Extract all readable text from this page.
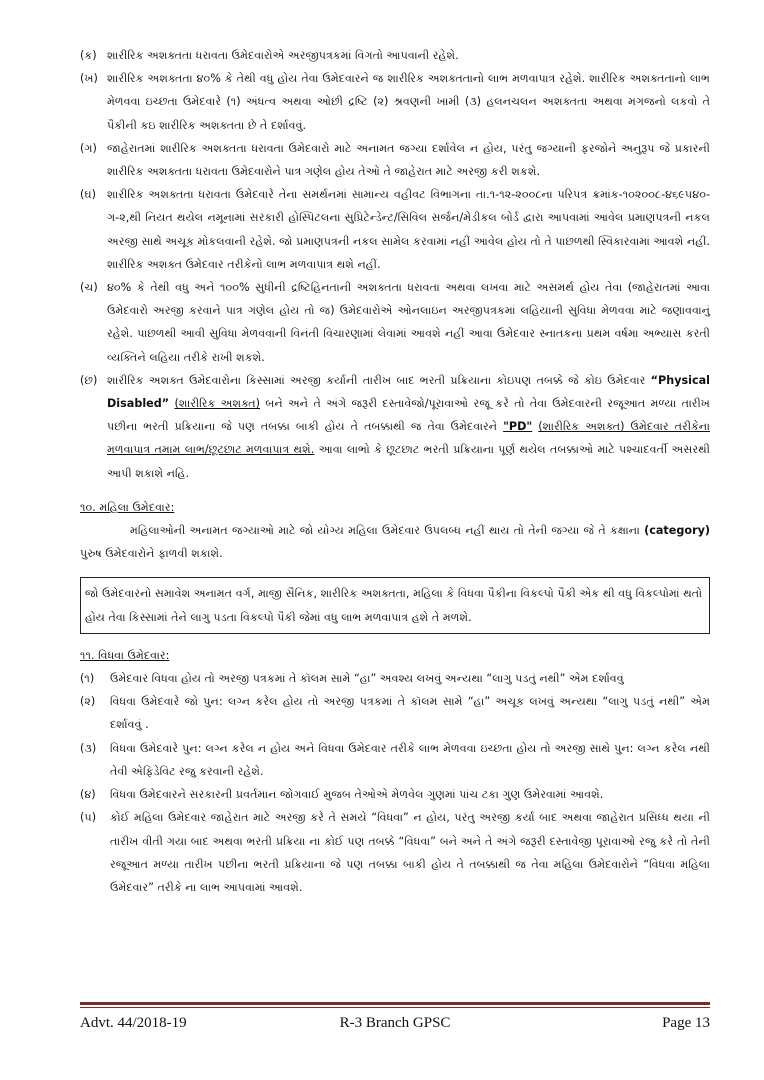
(ક) શારીરિક અશક્તતા ધરાવતા ઉમેદવારોએ અરજીપત્રકમાં વિગતો આપવાની રહેશે.
(ખ) શારીરિક અશક્તતા ૪૦% કે તેથી વધુ હોય તેવા ઉમેદવારને જ શારીરિક અશક્તતાનો લાભ મળવાપાત્ર રહેશે. શારીરિક અશક્તતાનો લાભ મેળવવા ઇચ્છતા ઉમેદવારે (૧) અંધત્વ અથવા ઓછી દ્રષ્ટિ (૨) શ્રવણની ખામી (૩) હલનચલન અશક્તતા અથવા મગજનો લકવો તે પૈકીની કઇ શારીરિક અશક્તતા છે તે દર્શાવવું.
(ગ) જાહેરાતમાં શારીરિક અશક્તતા ધરાવતા ઉમેદવારો માટે અનામત જગ્યા દર્શાવેલ ન હોય, પરંતુ જગ્યાની ફરજોને અનુરૂપ જે પ્રકારની શારીરિક અશક્તતા ધરાવતા ઉમેદવારોને પાત્ર ગણેલ હોય તેઓ તે જાહેરાત માટે અરજી કરી શકશે.
(ઘ) શારીરિક અશક્તતા ધરાવતા ઉમેદવારે તેના સમર્થનમાં સામાન્ય વહીવટ વિભાગના તા.૧-૧૨-૨૦૦૮ના પરિપત્ર ક્રમાંક-૧૦૨૦૦૮-૪૬૯૫૪૦-ગ-૨,થી નિયત થયેલ નમૂનામાં સરકારી હોસ્પિટલના સુપ્રિટેન્ડેન્ટ/સિવિલ સર્જન/મેડીકલ બોર્ડ દ્વારા આપવામાં આવેલ પ્રમાણપત્રની નકલ અરજી સાથે અચૂક મોકલવાની રહેશે. જો પ્રમાણપત્રની નકલ સામેલ કરવામાં નહીં આવેલ હોય તો તે પાછળથી સ્વિકારવામાં આવશે નહીં. શારીરિક અશક્ત ઉમેદવાર તરીકેનો લાભ મળવાપાત્ર થશે નહીં.
(ચ) ૪૦% કે તેથી વધુ અને ૧૦૦% સુધીની દ્રષ્ટિહિનતાની અશક્તતા ધરાવતા અથવા લખવા માટે અસમર્થ હોય તેવા (જાહેરાતમાં આવા ઉમેદવારો અરજી કરવાને પાત્ર ગણેલ હોય તો જ) ઉમેદવારોએ ઓનલાઇન અરજીપત્રકમાં લહિયાની સુવિધા મેળવવા માટે જણાવવાનું રહેશે. પાછળથી આવી સુવિધા મેળવવાની વિનંતી વિચારણામાં લેવામાં આવશે નહીં આવા ઉમેદવાર સ્નાતકના પ્રથમ વર્ષમા અભ્યાસ કરતી વ્યક્તિને લહિયા તરીકે રાખી શકશે.
(છ) શારીરિક અશક્ત ઉમેદવારોના કિસ્સામાં અરજી કર્યાની તારીખ બાદ ભરતી પ્રક્રિયાના કોઇપણ તબક્કે જે કોઇ ઉમેદવાર “Physical Disabled” (શારીરિક અશક્ત) બને અને તે અંગે જરૂરી દસ્તાવેજો/પૂરાવાઓ રજૂ કરે તો તેવા ઉમેદવારની રજૂઆત મળ્યા તારીખ પછીના ભરતી પ્રક્રિયાના જે પણ તબક્કા બાકી હોય તે તબક્કાથી જ તેવા ઉમેદવારને "PD" (શારીરિક અશક્ત) ઉમેદવાર તરીકેના મળવાપાત્ર તમામ લાભ/છૂટછાટ મળવાપાત્ર થશે. આવા લાભો કે છૂટછાટ ભરતી પ્રક્રિયાના પૂર્ણ થયેલ તબક્કાઓ માટે પશ્ચાદવર્તી અસરથી આપી શકાશે નહિ.
૧૦. મહિલા ઉમેદવાર:
મહિલાઓની અનામત જગ્યાઓ માટે જો યોગ્ય મહિલા ઉમેદવાર ઉપલબ્ધ નહીં થાય તો તેની જગ્યા જે તે કક્ષાના (category) પુરુષ ઉમેદવારોને ફાળવી શકાશે.
જો ઉમેદવારનો સમાવેશ અનામત વર્ગ, માજી સૈનિક, શારીરિક અશક્તતા, મહિલા કે વિધવા પૈકીના વિકલ્પો પૈકી એક થી વધુ વિકલ્પોમાં થતો હોય તેવા કિસ્સામાં તેને લાગુ પડતા વિકલ્પો પૈકી જેમાં વધુ લાભ મળવાપાત્ર હશે તે મળશે.
૧૧. વિધવા ઉમેદવાર:
(૧)	ઉમેદવાર વિધવા હોય તો અરજી પત્રકમાં તે કૉલમ સામે “હા” અવશ્ય લખવું અન્યથા “લાગુ પડતું નથી” એમ દર્શાવવું
(૨)	વિધવા ઉમેદવારે જો પુન: લગ્ન કરેલ હોય તો અરજી પત્રકમાં તે કૉલમ સામે “હા” અચૂક લખવું અન્યથા “લાગુ પડતું નથી” એમ દર્શાવવું .
(૩)	વિધવા ઉમેદવારે પુન: લગ્ન કરેલ ન હોય અને વિધવા ઉમેદવાર તરીકે લાભ મેળવવા ઇચ્છતા હોય તો અરજી સાથે પુન: લગ્ન કરેલ નથી તેવી એફિડેવિટ રજુ કરવાની રહેશે.
(૪)	વિધવા ઉમેદવારને સરકારની પ્રવર્તમાન જોગવાઈ મુજબ તેઓએ મેળવેલ ગુણમાં પાંચ ટકા ગુણ ઉમેરવામાં આવશે.
(૫)	કોઈ મહિલા ઉમેદવાર જાહેરાત માટે અરજી કરે તે સમયે “વિધવા” ન હોય, પરંતુ અરજી કર્યા બાદ અથવા જાહેરાત પ્રસિધ્ધ થયા ની તારીખ વીતી ગયા બાદ અથવા ભરતી પ્રક્રિયા ના કોઈ પણ તબક્કે “વિધવા” બને અને તે અંગે જરૂરી દસ્તાવેજી પૂરાવાઓ રજુ કરે તો તેની રજૂઆત મળ્યા તારીખ પછીના ભરતી પ્રક્રિયાના જે પણ તબક્કા બાકી હોય તે તબક્કાથી જ તેવા મહિલા ઉમેદવારોને “વિધવા મહિલા ઉમેદવાર” તરીકે ના લાભ આપવામાં આવશે.
Advt. 44/2018-19	R-3 Branch GPSC	Page 13
